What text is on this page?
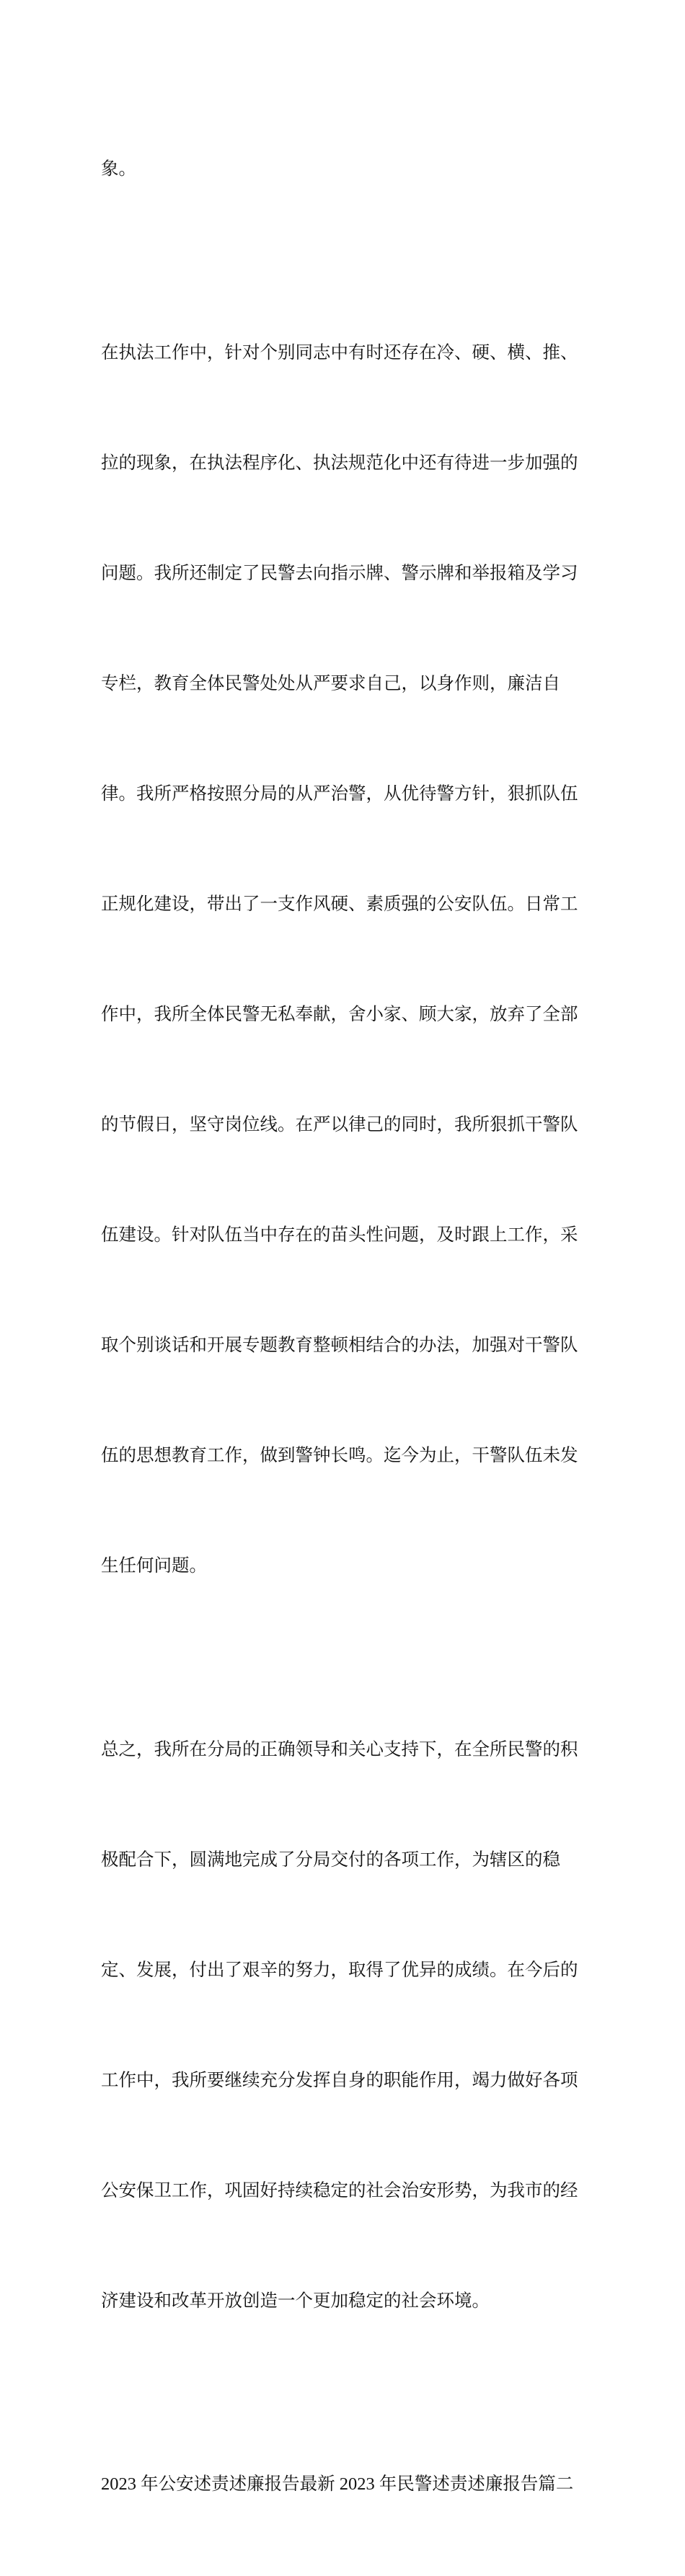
象。

在执法工作中，针对个别同志中有时还存在冷、硬、横、推、

拉的现象，在执法程序化、执法规范化中还有待进一步加强的

问题。我所还制定了民警去向指示牌、警示牌和举报箱及学习

专栏，教育全体民警处处从严要求自己，以身作则，廉洁自

律。我所严格按照分局的从严治警，从优待警方针，狠抓队伍

正规化建设，带出了一支作风硬、素质强的公安队伍。日常工

作中，我所全体民警无私奉献，舍小家、顾大家，放弃了全部

的节假日，坚守岗位线。在严以律己的同时，我所狠抓干警队

伍建设。针对队伍当中存在的苗头性问题，及时跟上工作，采

取个别谈话和开展专题教育整顿相结合的办法，加强对干警队

伍的思想教育工作，做到警钟长鸣。迄今为止，干警队伍未发

生任何问题。

总之，我所在分局的正确领导和关心支持下，在全所民警的积

极配合下，圆满地完成了分局交付的各项工作，为辖区的稳

定、发展，付出了艰辛的努力，取得了优异的成绩。在今后的

工作中，我所要继续充分发挥自身的职能作用，竭力做好各项

公安保卫工作，巩固好持续稳定的社会治安形势，为我市的经

济建设和改革开放创造一个更加稳定的社会环境。

2023 年公安述责述廉报告最新 2023 年民警述责述廉报告篇二
